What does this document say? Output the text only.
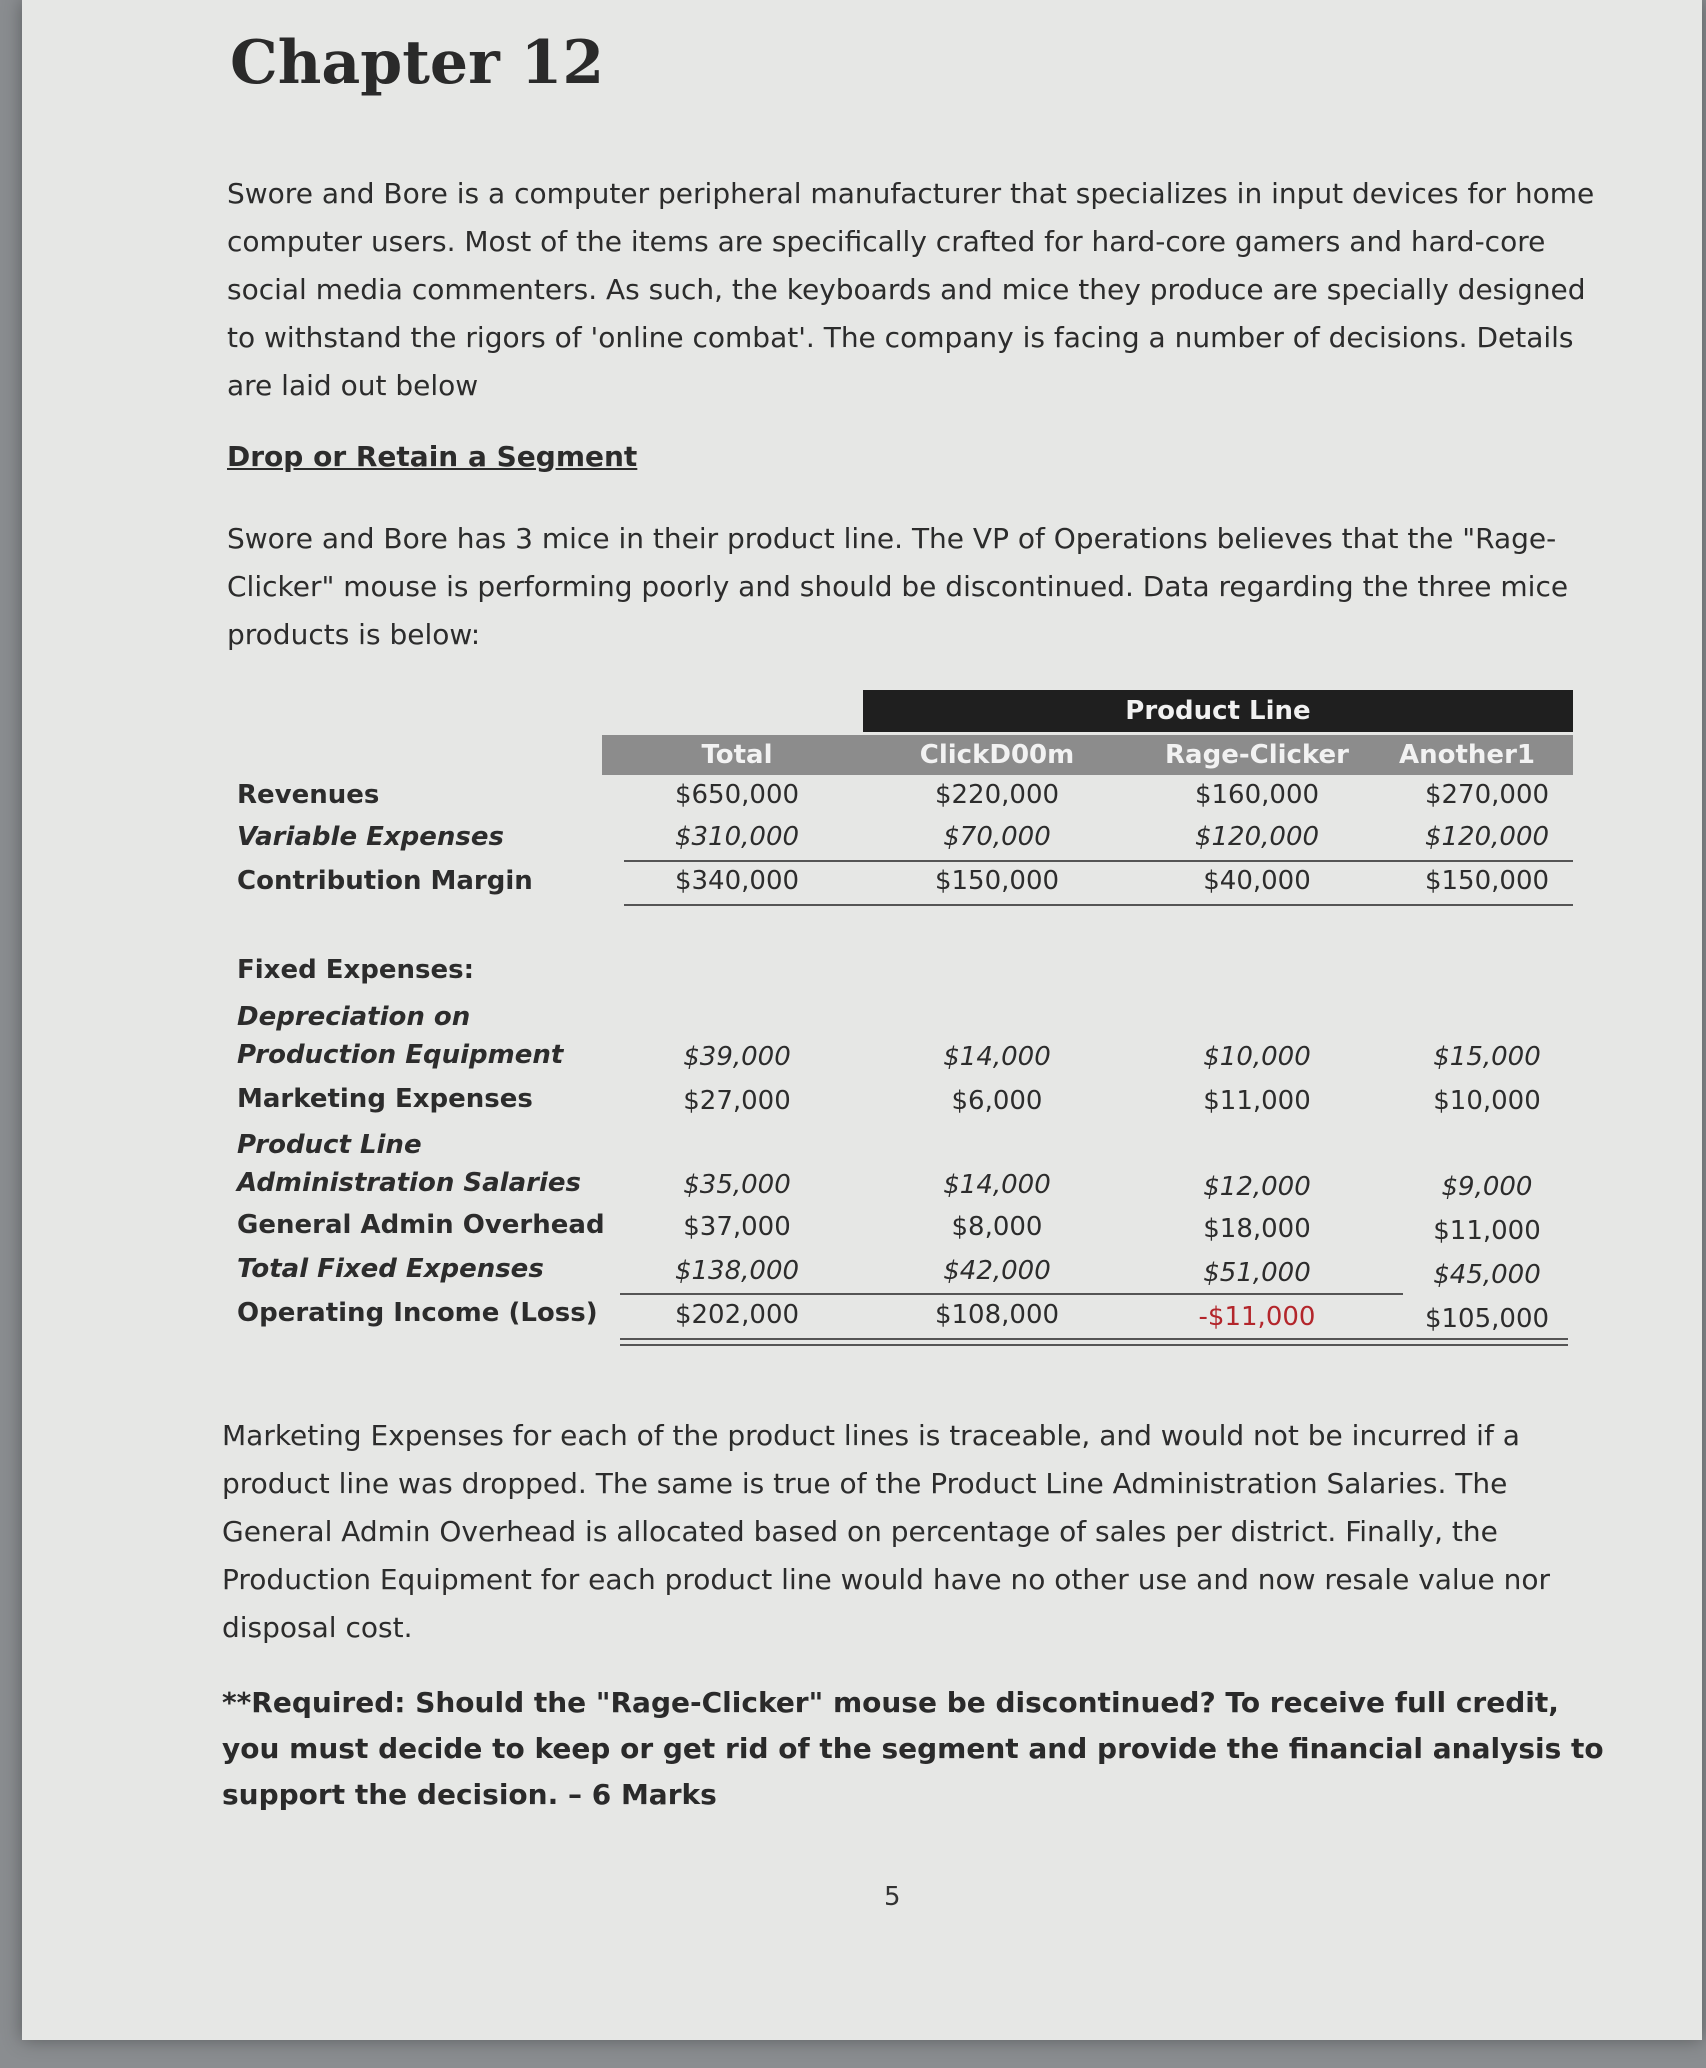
Chapter 12

Swore and Bore is a computer peripheral manufacturer that specializes in input devices for home computer users. Most of the items are specifically crafted for hard-core gamers and hard-core social media commenters. As such, the keyboards and mice they produce are specially designed to withstand the rigors of 'online combat'. The company is facing a number of decisions. Details are laid out below

Drop or Retain a Segment

Swore and Bore has 3 mice in their product line. The VP of Operations believes that the "Rage-Clicker" mouse is performing poorly and should be discontinued. Data regarding the three mice products is below:

Product Line
Total	ClickD00m	Rage-Clicker	Another1
Revenues	$650,000	$220,000	$160,000	$270,000
Variable Expenses	$310,000	$70,000	$120,000	$120,000
Contribution Margin	$340,000	$150,000	$40,000	$150,000
Fixed Expenses:
Depreciation on
Production Equipment	$39,000	$14,000	$10,000	$15,000
Marketing Expenses	$27,000	$6,000	$11,000	$10,000
Product Line
Administration Salaries	$35,000	$14,000	$12,000	$9,000
General Admin Overhead	$37,000	$8,000	$18,000	$11,000
Total Fixed Expenses	$138,000	$42,000	$51,000	$45,000
Operating Income (Loss)	$202,000	$108,000	-$11,000	$105,000

Marketing Expenses for each of the product lines is traceable, and would not be incurred if a product line was dropped. The same is true of the Product Line Administration Salaries. The General Admin Overhead is allocated based on percentage of sales per district. Finally, the Production Equipment for each product line would have no other use and now resale value nor disposal cost.

**Required: Should the "Rage-Clicker" mouse be discontinued? To receive full credit, you must decide to keep or get rid of the segment and provide the financial analysis to support the decision. – 6 Marks

5
